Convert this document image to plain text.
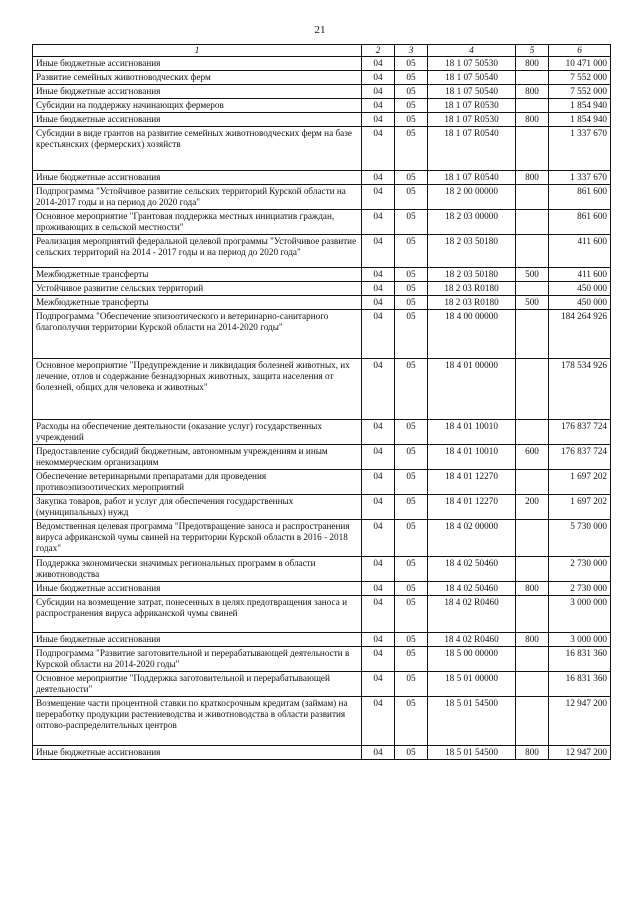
21
1	2	3	4	5	6
Иные бюджетные ассигнования	04	05	18 1 07 50530	800	10 471 000
Развитие семейных животноводческих ферм	04	05	18 1 07 50540		7 552 000
Иные бюджетные ассигнования	04	05	18 1 07 50540	800	7 552 000
Субсидии на поддержку начинающих фермеров	04	05	18 1 07 R0530		1 854 940
Иные бюджетные ассигнования	04	05	18 1 07 R0530	800	1 854 940
Субсидии в виде грантов на развитие семейных животноводческих ферм на базе крестьянских (фермерских) хозяйств	04	05	18 1 07 R0540		1 337 670
Иные бюджетные ассигнования	04	05	18 1 07 R0540	800	1 337 670
Подпрограмма "Устойчивое развитие сельских территорий Курской области на 2014-2017 годы и на период до 2020 года"	04	05	18 2 00 00000		861 600
Основное мероприятие "Грантовая поддержка местных инициатив граждан, проживающих в сельской местности"	04	05	18 2 03 00000		861 600
Реализация мероприятий федеральной целевой программы "Устойчивое развитие сельских территорий на 2014 - 2017 годы и на период до 2020 года"	04	05	18 2 03 50180		411 600
Межбюджетные трансферты	04	05	18 2 03 50180	500	411 600
Устойчивое развитие сельских территорий	04	05	18 2 03 R0180		450 000
Межбюджетные трансферты	04	05	18 2 03 R0180	500	450 000
Подпрограмма "Обеспечение эпизоотического и ветеринарно-санитарного благополучия территории Курской области на 2014-2020 годы"	04	05	18 4 00 00000		184 264 926
Основное мероприятие "Предупреждение и ликвидация болезней животных, их лечение, отлов и содержание безнадзорных животных, защита населения от болезней, общих для человека и животных"	04	05	18 4 01 00000		178 534 926
Расходы на обеспечение деятельности (оказание услуг) государственных учреждений	04	05	18 4 01 10010		176 837 724
Предоставление субсидий бюджетным, автономным учреждениям и иным некоммерческим организациям	04	05	18 4 01 10010	600	176 837 724
Обеспечение ветеринарными препаратами для проведения противоэпизоотических мероприятий	04	05	18 4 01 12270		1 697 202
Закупка товаров, работ и услуг для обеспечения государственных (муниципальных) нужд	04	05	18 4 01 12270	200	1 697 202
Ведомственная целевая программа "Предотвращение заноса и распространения вируса африканской чумы свиней на территории Курской области в 2016 - 2018 годах"	04	05	18 4 02 00000		5 730 000
Поддержка экономически значимых региональных программ в области животноводства	04	05	18 4 02 50460		2 730 000
Иные бюджетные ассигнования	04	05	18 4 02 50460	800	2 730 000
Субсидии на возмещение затрат, понесенных в целях предотвращения заноса и распространения вируса африканской чумы свиней	04	05	18 4 02 R0460		3 000 000
Иные бюджетные ассигнования	04	05	18 4 02 R0460	800	3 000 000
Подпрограмма "Развитие заготовительной и перерабатывающей деятельности в Курской области на 2014-2020 годы"	04	05	18 5 00 00000		16 831 360
Основное мероприятие "Поддержка заготовительной и перерабатывающей деятельности"	04	05	18 5 01 00000		16 831 360
Возмещение части процентной ставки по краткосрочным кредитам (займам) на переработку продукции растениеводства и животноводства в области развития оптово-распределительных центров	04	05	18 5 01 54500		12 947 200
Иные бюджетные ассигнования	04	05	18 5 01 54500	800	12 947 200
